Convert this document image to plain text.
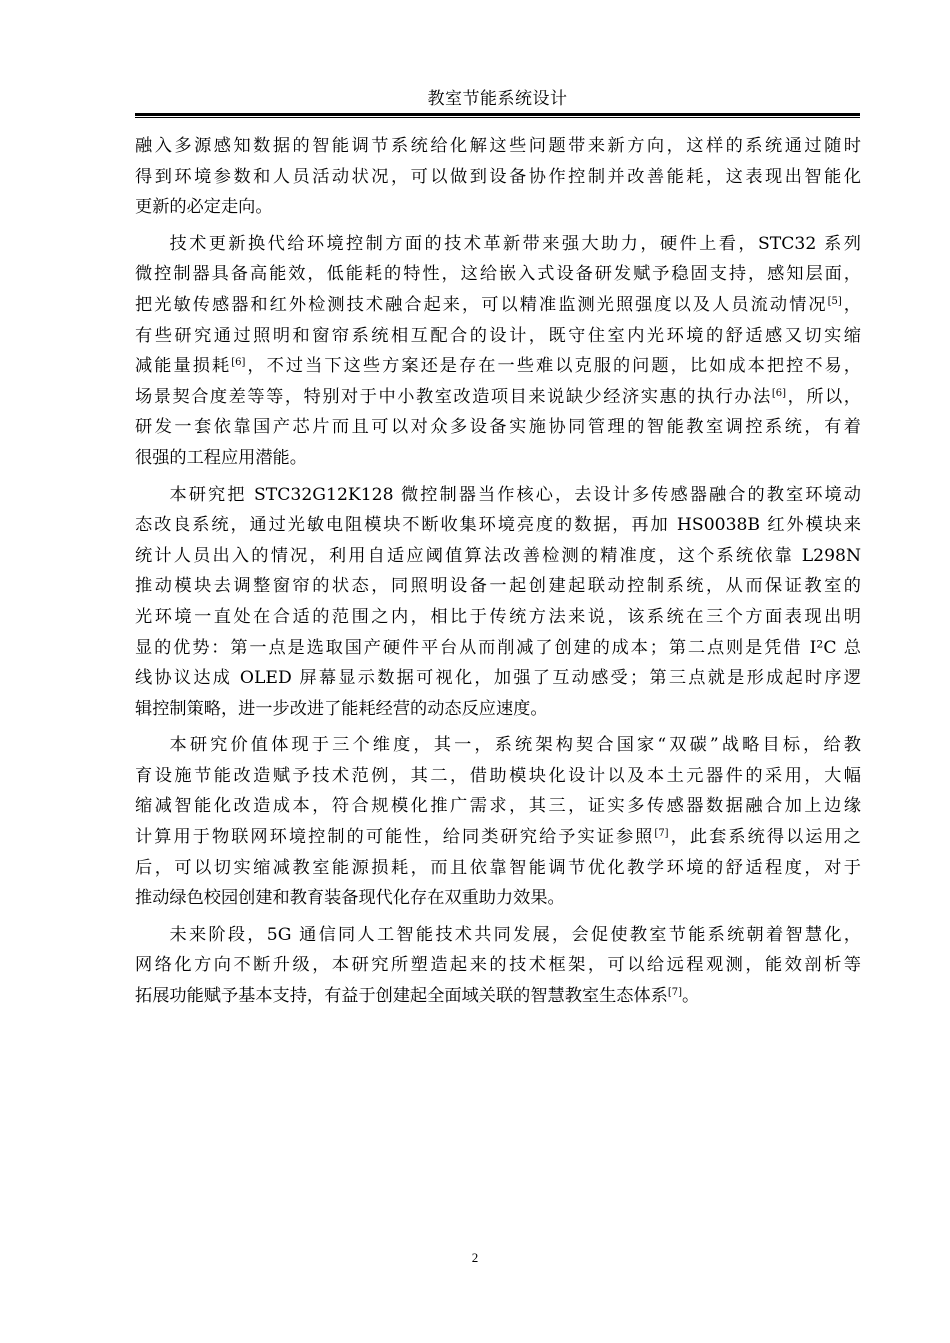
教室节能系统设计
融入多源感知数据的智能调节系统给化解这些问题带来新方向，这样的系统通过随时
得到环境参数和人员活动状况，可以做到设备协作控制并改善能耗，这表现出智能化
更新的必定走向。
技术更新换代给环境控制方面的技术革新带来强大助力，硬件上看，STC32 系列
微控制器具备高能效，低能耗的特性，这给嵌入式设备研发赋予稳固支持，感知层面，
把光敏传感器和红外检测技术融合起来，可以精准监测光照强度以及人员流动情况[5]，
有些研究通过照明和窗帘系统相互配合的设计，既守住室内光环境的舒适感又切实缩
减能量损耗[6]，不过当下这些方案还是存在一些难以克服的问题，比如成本把控不易，
场景契合度差等等，特别对于中小教室改造项目来说缺少经济实惠的执行办法[6]，所以，
研发一套依靠国产芯片而且可以对众多设备实施协同管理的智能教室调控系统，有着
很强的工程应用潜能。
本研究把 STC32G12K128 微控制器当作核心，去设计多传感器融合的教室环境动
态改良系统，通过光敏电阻模块不断收集环境亮度的数据，再加 HS0038B 红外模块来
统计人员出入的情况，利用自适应阈值算法改善检测的精准度，这个系统依靠 L298N
推动模块去调整窗帘的状态，同照明设备一起创建起联动控制系统，从而保证教室的
光环境一直处在合适的范围之内，相比于传统方法来说，该系统在三个方面表现出明
显的优势：第一点是选取国产硬件平台从而削减了创建的成本；第二点则是凭借 I²C 总
线协议达成 OLED 屏幕显示数据可视化，加强了互动感受；第三点就是形成起时序逻
辑控制策略，进一步改进了能耗经营的动态反应速度。
本研究价值体现于三个维度，其一，系统架构契合国家“双碳”战略目标，给教
育设施节能改造赋予技术范例，其二，借助模块化设计以及本土元器件的采用，大幅
缩减智能化改造成本，符合规模化推广需求，其三，证实多传感器数据融合加上边缘
计算用于物联网环境控制的可能性，给同类研究给予实证参照[7]，此套系统得以运用之
后，可以切实缩减教室能源损耗，而且依靠智能调节优化教学环境的舒适程度，对于
推动绿色校园创建和教育装备现代化存在双重助力效果。
未来阶段，5G 通信同人工智能技术共同发展，会促使教室节能系统朝着智慧化，
网络化方向不断升级，本研究所塑造起来的技术框架，可以给远程观测，能效剖析等
拓展功能赋予基本支持，有益于创建起全面域关联的智慧教室生态体系[7]。
2
